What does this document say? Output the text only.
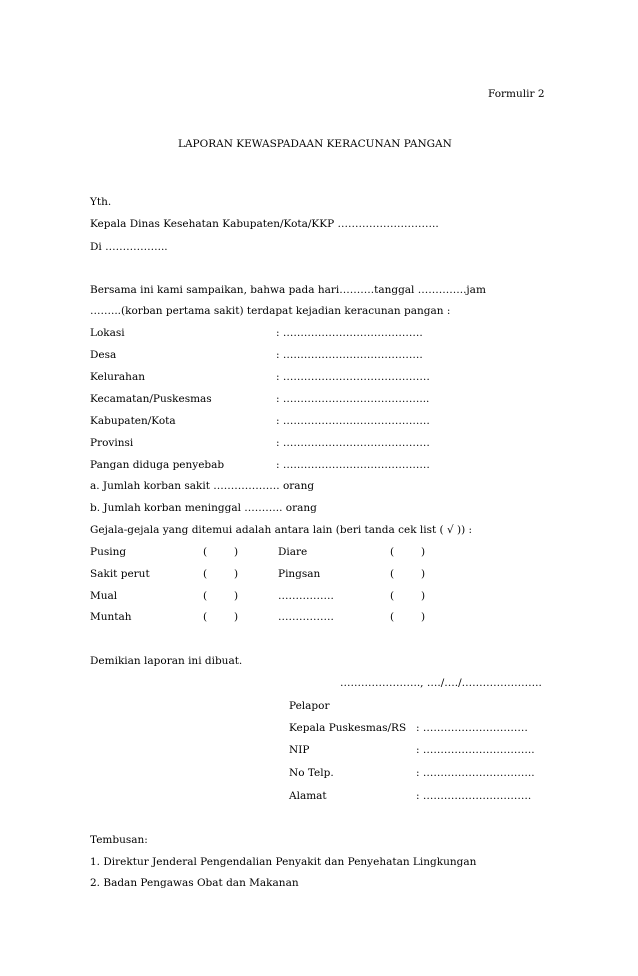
Formulir 2
LAPORAN KEWASPADAAN KERACUNAN PANGAN
Yth.
Kepala Dinas Kesehatan Kabupaten/Kota/KKP ………………………..
Di ……………...
Bersama ini kami sampaikan, bahwa pada hari……….tanggal …………..jam
……...(korban pertama sakit) terdapat kejadian keracunan pangan :
Lokasi	: ………………………………….
Desa	: ………………………………….
Kelurahan	: ……………………………………
Kecamatan/Puskesmas	: …………………………………...
Kabupaten/Kota	: ……………………………………
Provinsi	: ……………………………………
Pangan diduga penyebab	: ……………………………………
a. Jumlah korban sakit ………………. orang
b. Jumlah korban meninggal ……….. orang
Gejala-gejala yang ditemui adalah antara lain (beri tanda cek list ( √ )) :
Pusing	(	)	Diare	(	)
Sakit perut	(	)	Pingsan	(	)
Mual	(	)	…………….	(	)
Muntah	(	)	…………….	(	)
Demikian laporan ini dibuat.
………………….., …./…./…………………..
Pelapor
Kepala Puskesmas/RS : …………………………
NIP	: …………………………..
No Telp.	: …………………………..
Alamat	: ………………………….
Tembusan:
1. Direktur Jenderal Pengendalian Penyakit dan Penyehatan Lingkungan
2. Badan Pengawas Obat dan Makanan
